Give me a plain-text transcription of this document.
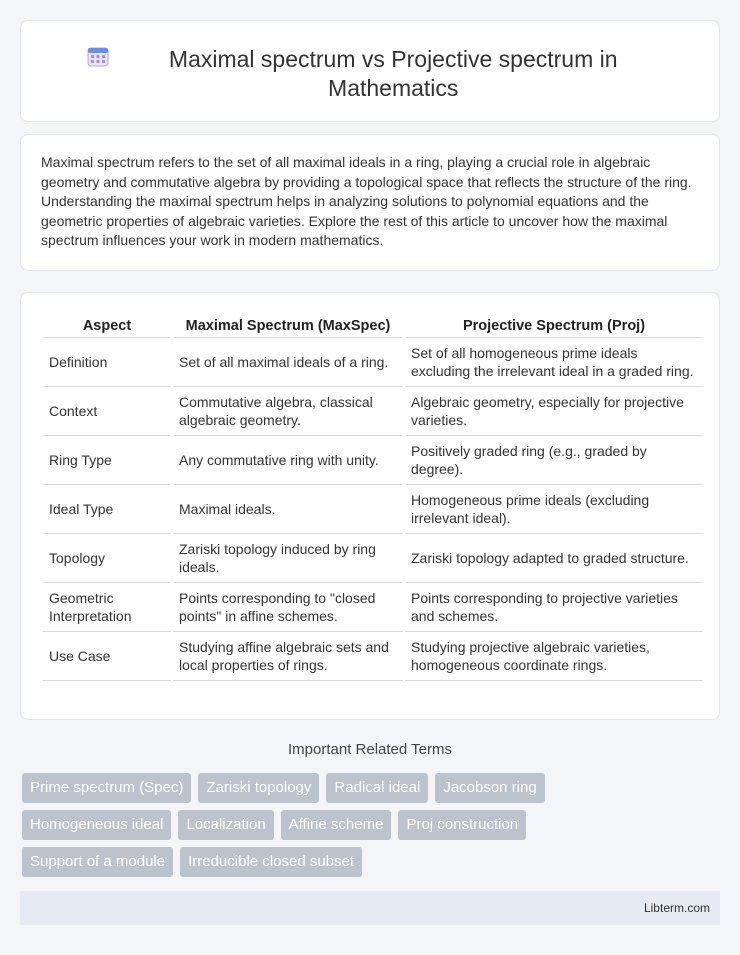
Maximal spectrum vs Projective spectrum in Mathematics

Maximal spectrum refers to the set of all maximal ideals in a ring, playing a crucial role in algebraic geometry and commutative algebra by providing a topological space that reflects the structure of the ring. Understanding the maximal spectrum helps in analyzing solutions to polynomial equations and the geometric properties of algebraic varieties. Explore the rest of this article to uncover how the maximal spectrum influences your work in modern mathematics.

Aspect	Maximal Spectrum (MaxSpec)	Projective Spectrum (Proj)
Definition	Set of all maximal ideals of a ring.	Set of all homogeneous prime ideals excluding the irrelevant ideal in a graded ring.
Context	Commutative algebra, classical algebraic geometry.	Algebraic geometry, especially for projective varieties.
Ring Type	Any commutative ring with unity.	Positively graded ring (e.g., graded by degree).
Ideal Type	Maximal ideals.	Homogeneous prime ideals (excluding irrelevant ideal).
Topology	Zariski topology induced by ring ideals.	Zariski topology adapted to graded structure.
Geometric Interpretation	Points corresponding to "closed points" in affine schemes.	Points corresponding to projective varieties and schemes.
Use Case	Studying affine algebraic sets and local properties of rings.	Studying projective algebraic varieties, homogeneous coordinate rings.
Important Related Terms
Prime spectrum (Spec)	Zariski topology	Radical ideal	Jacobson ring
Homogeneous ideal	Localization	Affine scheme	Proj construction
Support of a module	Irreducible closed subset
Libterm.com
